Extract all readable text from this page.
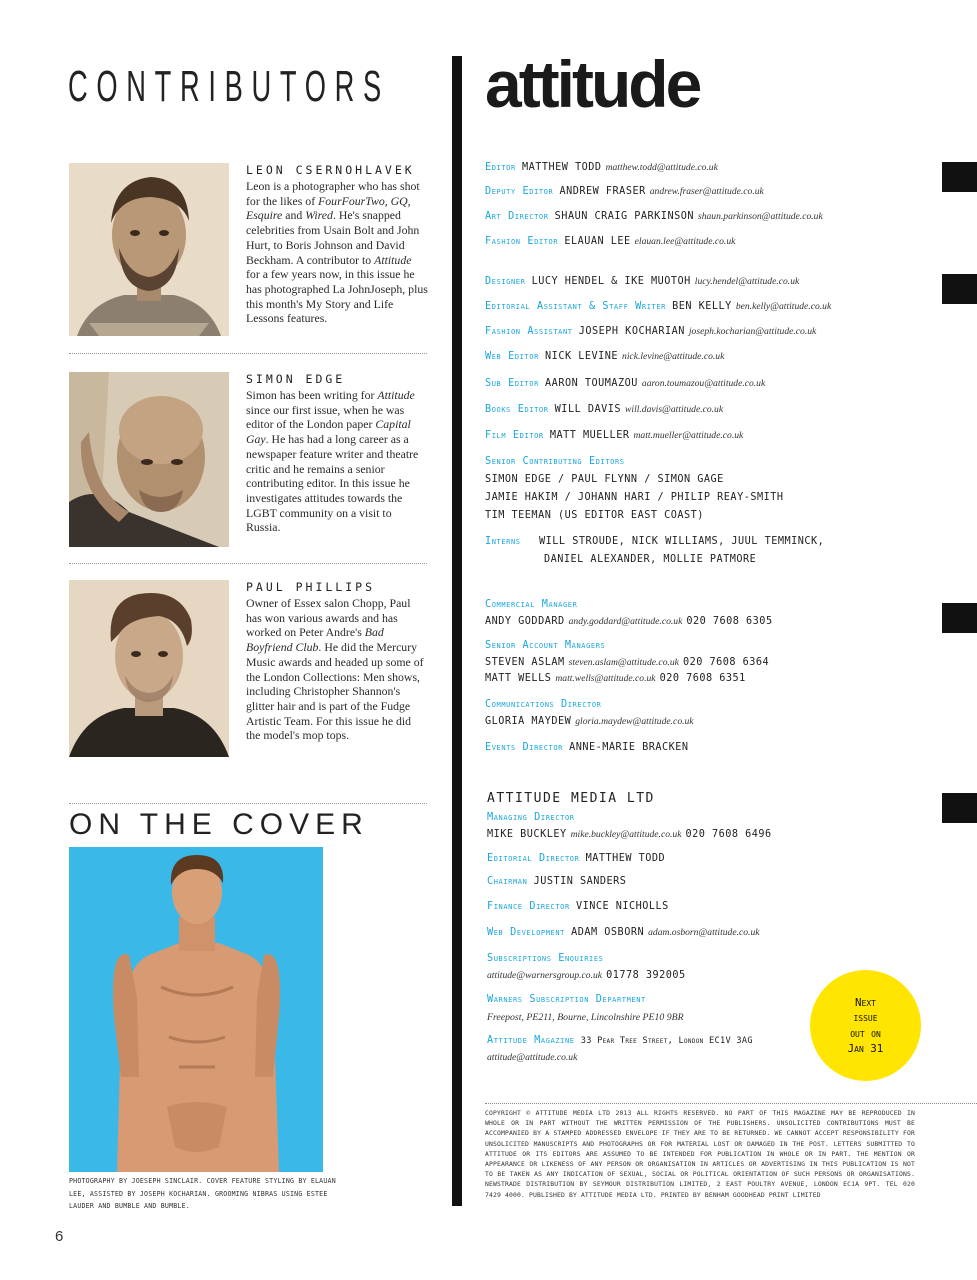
CONTRIBUTORS attitude
LEON CSERNOHLAVEK
Leon is a photographer who has shot for the likes of FourFourTwo, GQ, Esquire and Wired. He's snapped celebrities from Usain Bolt and John Hurt, to Boris Johnson and David Beckham. A contributor to Attitude for a few years now, in this issue he has photographed La JohnJoseph, plus this month's My Story and Life Lessons features.
SIMON EDGE
Simon has been writing for Attitude since our first issue, when he was editor of the London paper Capital Gay. He has had a long career as a newspaper feature writer and theatre critic and he remains a senior contributing editor. In this issue he investigates attitudes towards the LGBT community on a visit to Russia.
PAUL PHILLIPS
Owner of Essex salon Chopp, Paul has won various awards and has worked on Peter Andre's Bad Boyfriend Club. He did the Mercury Music awards and headed up some of the London Collections: Men shows, including Christopher Shannon's glitter hair and is part of the Fudge Artistic Team. For this issue he did the model's mop tops.
ON THE COVER
PHOTOGRAPHY BY JOESEPH SINCLAIR. COVER FEATURE STYLING BY ELAUAN LEE, ASSISTED BY JOSEPH KOCHARIAN. GROOMING NIBRAS USING ESTEE LAUDER AND BUMBLE AND BUMBLE.
6
Editor MATTHEW TODD matthew.todd@attitude.co.uk
Deputy Editor ANDREW FRASER andrew.fraser@attitude.co.uk
Art Director SHAUN CRAIG PARKINSON shaun.parkinson@attitude.co.uk
Fashion Editor ELAUAN LEE elauan.lee@attitude.co.uk
Designer LUCY HENDEL & IKE MUOTOH lucy.hendel@attitude.co.uk
Editorial Assistant & Staff Writer BEN KELLY ben.kelly@attitude.co.uk
Fashion Assistant JOSEPH KOCHARIAN joseph.kocharian@attitude.co.uk
Web Editor NICK LEVINE nick.levine@attitude.co.uk
Sub Editor AARON TOUMAZOU aaron.toumazou@attitude.co.uk
Books Editor WILL DAVIS will.davis@attitude.co.uk
Film Editor MATT MUELLER matt.mueller@attitude.co.uk
Senior Contributing Editors
SIMON EDGE / PAUL FLYNN / SIMON GAGE
JAMIE HAKIM / JOHANN HARI / PHILIP REAY-SMITH
TIM TEEMAN (US EDITOR EAST COAST)
Interns WILL STROUDE, NICK WILLIAMS, JUUL TEMMINCK,
DANIEL ALEXANDER, MOLLIE PATMORE
Commercial Manager
ANDY GODDARD andy.goddard@attitude.co.uk 020 7608 6305
Senior Account Managers
STEVEN ASLAM steven.aslam@attitude.co.uk 020 7608 6364
MATT WELLS matt.wells@attitude.co.uk 020 7608 6351
Communications Director
GLORIA MAYDEW gloria.maydew@attitude.co.uk
Events Director ANNE-MARIE BRACKEN
ATTITUDE MEDIA LTD
Managing Director
MIKE BUCKLEY mike.buckley@attitude.co.uk 020 7608 6496
Editorial Director MATTHEW TODD
Chairman JUSTIN SANDERS
Finance Director VINCE NICHOLLS
Web Development ADAM OSBORN adam.osborn@attitude.co.uk
Subscriptions Enquiries
attitude@warnersgroup.co.uk 01778 392005
Warners Subscription Department
Freepost, PE211, Bourne, Lincolnshire PE10 9BR
Attitude Magazine 33 Pear Tree Street, London EC1V 3AG
attitude@attitude.co.uk
Next
issue
out on
Jan 31
COPYRIGHT © ATTITUDE MEDIA LTD 2013 ALL RIGHTS RESERVED. NO PART OF THIS MAGAZINE MAY BE REPRODUCED IN WHOLE OR IN PART WITHOUT THE WRITTEN PERMISSION OF THE PUBLISHERS. UNSOLICITED CONTRIBUTIONS MUST BE ACCOMPANIED BY A STAMPED ADDRESSED ENVELOPE IF THEY ARE TO BE RETURNED. WE CANNOT ACCEPT RESPONSIBILITY FOR UNSOLICITED MANUSCRIPTS AND PHOTOGRAPHS OR FOR MATERIAL LOST OR DAMAGED IN THE POST. LETTERS SUBMITTED TO ATTITUDE OR ITS EDITORS ARE ASSUMED TO BE INTENDED FOR PUBLICATION IN WHOLE OR IN PART. THE MENTION OR APPEARANCE OR LIKENESS OF ANY PERSON OR ORGANISATION IN ARTICLES OR ADVERTISING IN THIS PUBLICATION IS NOT TO BE TAKEN AS ANY INDICATION OF SEXUAL, SOCIAL OR POLITICAL ORIENTATION OF SUCH PERSONS OR ORGANISATIONS. NEWSTRADE DISTRIBUTION BY SEYMOUR DISTRIBUTION LIMITED, 2 EAST POULTRY AVENUE, LONDON EC1A 9PT. TEL 020 7429 4000. PUBLISHED BY ATTITUDE MEDIA LTD. PRINTED BY BENHAM GOODHEAD PRINT LIMITED
